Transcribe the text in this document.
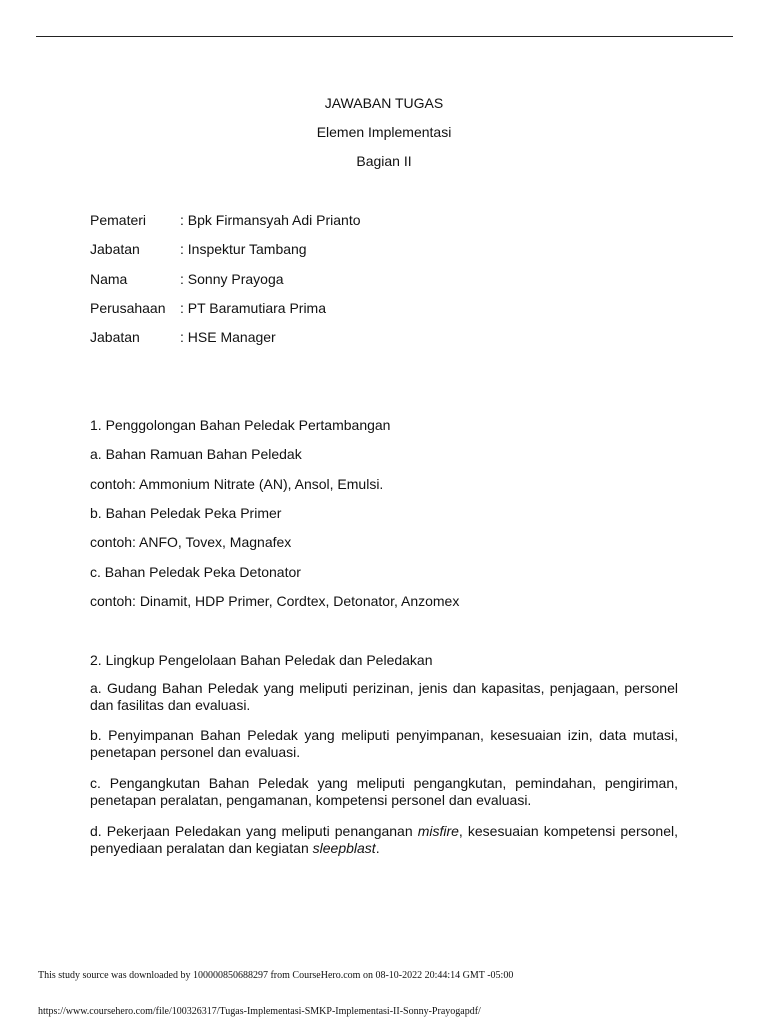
JAWABAN TUGAS
Elemen Implementasi
Bagian II
Pemateri : Bpk Firmansyah Adi Prianto
Jabatan	: Inspektur Tambang
Nama	: Sonny Prayoga
Perusahaan : PT Baramutiara Prima
Jabatan	: HSE Manager
1. Penggolongan Bahan Peledak Pertambangan
a. Bahan Ramuan Bahan Peledak
contoh: Ammonium Nitrate (AN), Ansol, Emulsi.
b. Bahan Peledak Peka Primer
contoh: ANFO, Tovex, Magnafex
c. Bahan Peledak Peka Detonator
contoh: Dinamit, HDP Primer, Cordtex, Detonator, Anzomex
2. Lingkup Pengelolaan Bahan Peledak dan Peledakan
a. Gudang Bahan Peledak yang meliputi perizinan, jenis dan kapasitas, penjagaan, personel dan fasilitas dan evaluasi.
b. Penyimpanan Bahan Peledak yang meliputi penyimpanan, kesesuaian izin, data mutasi, penetapan personel dan evaluasi.
c. Pengangkutan Bahan Peledak yang meliputi pengangkutan, pemindahan, pengiriman, penetapan peralatan, pengamanan, kompetensi personel dan evaluasi.
d. Pekerjaan Peledakan yang meliputi penanganan misfire, kesesuaian kompetensi personel, penyediaan peralatan dan kegiatan sleepblast.
This study source was downloaded by 100000850688297 from CourseHero.com on 08-10-2022 20:44:14 GMT -05:00
https://www.coursehero.com/file/100326317/Tugas-Implementasi-SMKP-Implementasi-II-Sonny-Prayogapdf/
